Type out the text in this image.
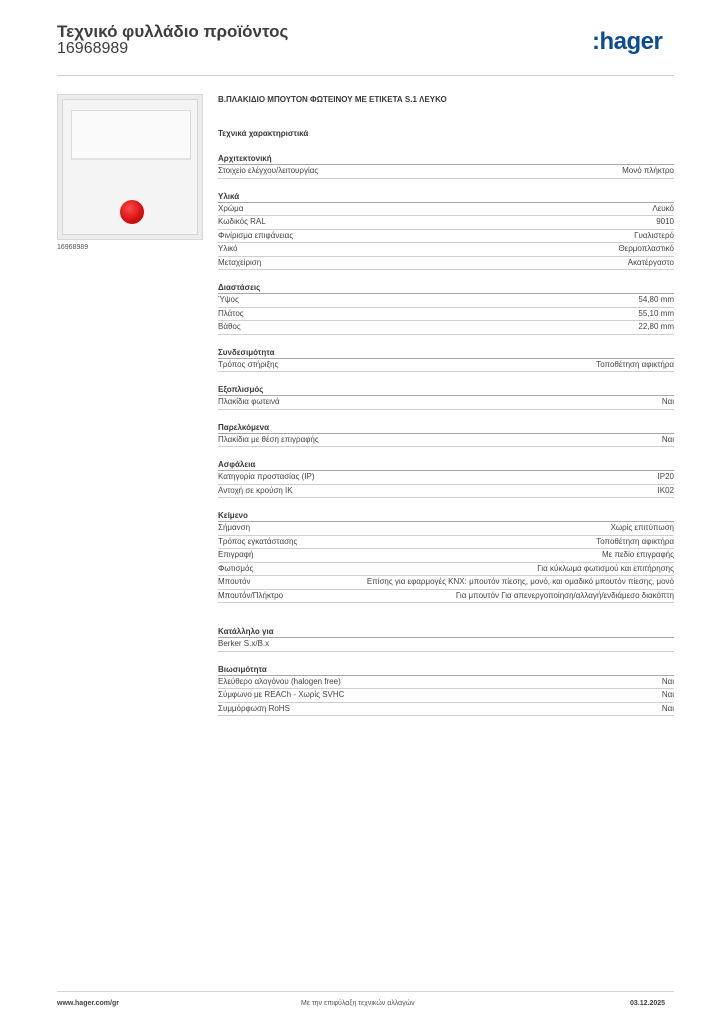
Τεχνικό φυλλάδιο προϊόντος
16968989	:hager
16968989
Β.ΠΛΑΚΙΔΙΟ ΜΠΟΥΤΟΝ ΦΩΤΕΙΝΟΥ ΜΕ ΕΤΙΚΕΤΑ S.1 ΛΕΥΚΟ
Τεχνικά χαρακτηριστικά
Αρχιτεκτονική
Στοιχείο ελέγχου/λειτουργίας	Μονό πλήκτρο
Υλικά
Χρώμα	Λευκό
Κωδικός RAL	9010
Φινίρισμα επιφάνειας	Γυαλιστερό
Υλικό	Θερμοπλαστικό
Μεταχείριση	Ακατέργαστο
Διαστάσεις
Ύψος	54,80 mm
Πλάτος	55,10 mm
Βάθος	22,80 mm
Συνδεσιμότητα
Τρόπος στήριξης	Τοποθέτηση αφικτήρα
Εξοπλισμός
Πλακίδια φωτεινά	Ναι
Παρελκόμενα
Πλακίδια με θέση επιγραφής	Ναι
Ασφάλεια
Κατηγορία προστασίας (IP)	IP20
Αντοχή σε κρούση IK	IK02
Κείμενο
Σήμανση	Χωρίς επιτύπωση
Τρόπος εγκατάστασης	Τοποθέτηση αφικτήρα
Επιγραφή	Με πεδίο επιγραφής
Φωτισμός	Για κύκλωμα φωτισμού και επιτήρησης
Μπουτόν	Επίσης για εφαρμογές KNX: μπουτόν πίεσης, μονό, και ομαδικό μπουτόν πίεσης, μονό
Μπουτόν/Πλήκτρο	Για μπουτόν Για απενεργοποίηση/αλλαγή/ενδιάμεσο διακόπτη
Κατάλληλο για
Berker S.x/B.x
Βιωσιμότητα
Ελεύθερο αλογόνου (halogen free)	Ναι
Σύμφωνο με REACh - Χωρίς SVHC	Ναι
Συμμόρφωση RoHS	Ναι
www.hager.com/gr	Με την επιφύλαξη τεχνικών αλλαγών	03.12.2025
